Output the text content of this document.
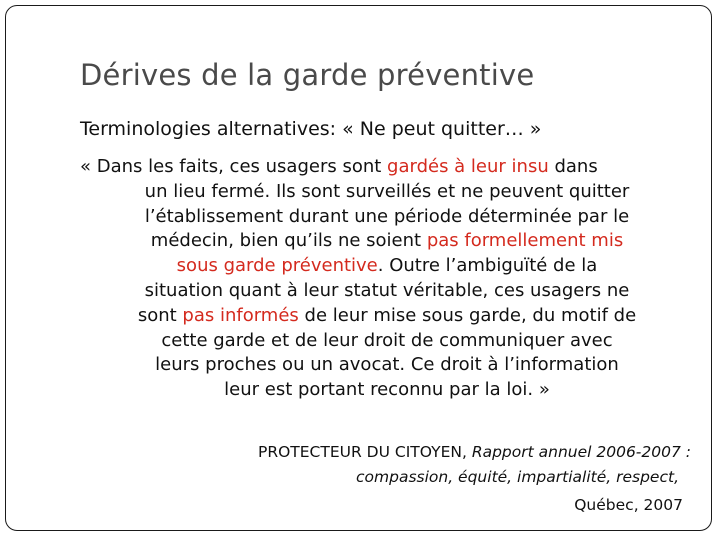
Dérives de la garde préventive
Terminologies alternatives: « Ne peut quitter… »
« Dans les faits, ces usagers sont gardés à leur insu dans
un lieu fermé. Ils sont surveillés et ne peuvent quitter
l’établissement durant une période déterminée par le
médecin, bien qu’ils ne soient pas formellement mis
sous garde préventive. Outre l’ambiguïté de la
situation quant à leur statut véritable, ces usagers ne
sont pas informés de leur mise sous garde, du motif de
cette garde et de leur droit de communiquer avec
leurs proches ou un avocat. Ce droit à l’information
leur est portant reconnu par la loi. »
PROTECTEUR DU CITOYEN, Rapport annuel 2006-2007 :
compassion, équité, impartialité, respect,
Québec, 2007
